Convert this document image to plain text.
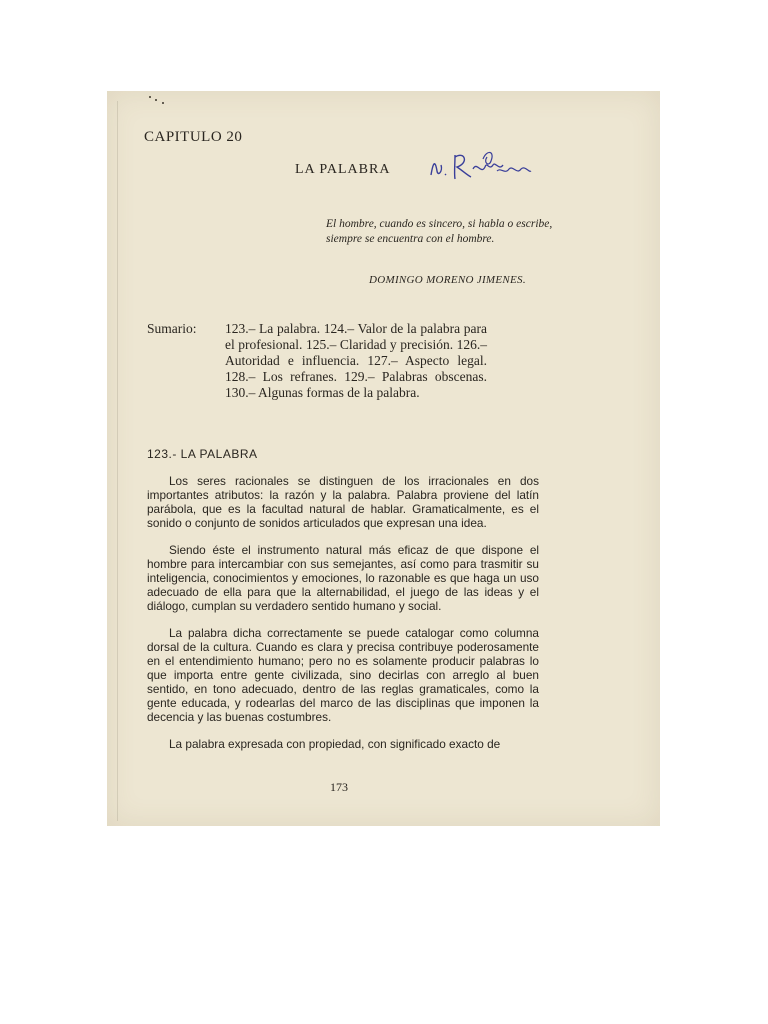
CAPITULO 20
LA PALABRA
El hombre, cuando es sincero, si habla o escribe, siempre se encuentra con el hombre.
DOMINGO MORENO JIMENES.
Sumario: 123.– La palabra. 124.– Valor de la palabra para el profesional. 125.– Claridad y precisión. 126.– Autoridad e influencia. 127.– Aspecto legal. 128.– Los refranes. 129.– Palabras obscenas. 130.– Algunas formas de la palabra.
123.- LA PALABRA

Los seres racionales se distinguen de los irracionales en dos importantes atributos: la razón y la palabra. Palabra proviene del latín parábola, que es la facultad natural de hablar. Gramaticalmente, es el sonido o conjunto de sonidos articulados que expresan una idea.

Siendo éste el instrumento natural más eficaz de que dispone el hombre para intercambiar con sus semejantes, así como para trasmitir su inteligencia, conocimientos y emociones, lo razonable es que haga un uso adecuado de ella para que la alternabilidad, el juego de las ideas y el diálogo, cumplan su verdadero sentido humano y social.

La palabra dicha correctamente se puede catalogar como columna dorsal de la cultura. Cuando es clara y precisa contribuye poderosamente en el entendimiento humano; pero no es solamente producir palabras lo que importa entre gente civilizada, sino decirlas con arreglo al buen sentido, en tono adecuado, dentro de las reglas gramaticales, como la gente educada, y rodearlas del marco de las disciplinas que imponen la decencia y las buenas costumbres.

La palabra expresada con propiedad, con significado exacto de

173
